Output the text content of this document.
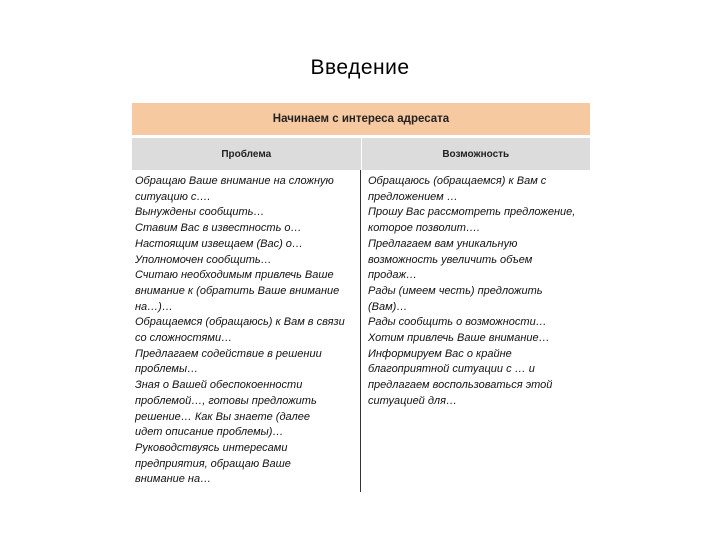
Введение
Начинаем с интереса адресата
Проблема	Возможность
Обращаю Ваше внимание на сложную
ситуацию с….
Вынуждены сообщить…
Ставим Вас в известность о…
Настоящим извещаем (Вас) о…
Уполномочен сообщить…
Считаю необходимым привлечь Ваше
внимание к (обратить Ваше внимание
на…)…
Обращаемся (обращаюсь) к Вам в связи
со сложностями…
Предлагаем содействие в решении
проблемы…
Зная о Вашей обеспокоенности
проблемой…, готовы предложить
решение… Как Вы знаете (далее
идет описание проблемы)…
Руководствуясь интересами
предприятия, обращаю Ваше
внимание на…
Обращаюсь (обращаемся) к Вам с
предложением …
Прошу Вас рассмотреть предложение,
которое позволит….
Предлагаем вам уникальную
возможность увеличить объем
продаж…
Рады (имеем честь) предложить
(Вам)…
Рады сообщить о возможности…
Хотим привлечь Ваше внимание…
Информируем Вас о крайне
благоприятной ситуации с … и
предлагаем воспользоваться этой
ситуацией для…
